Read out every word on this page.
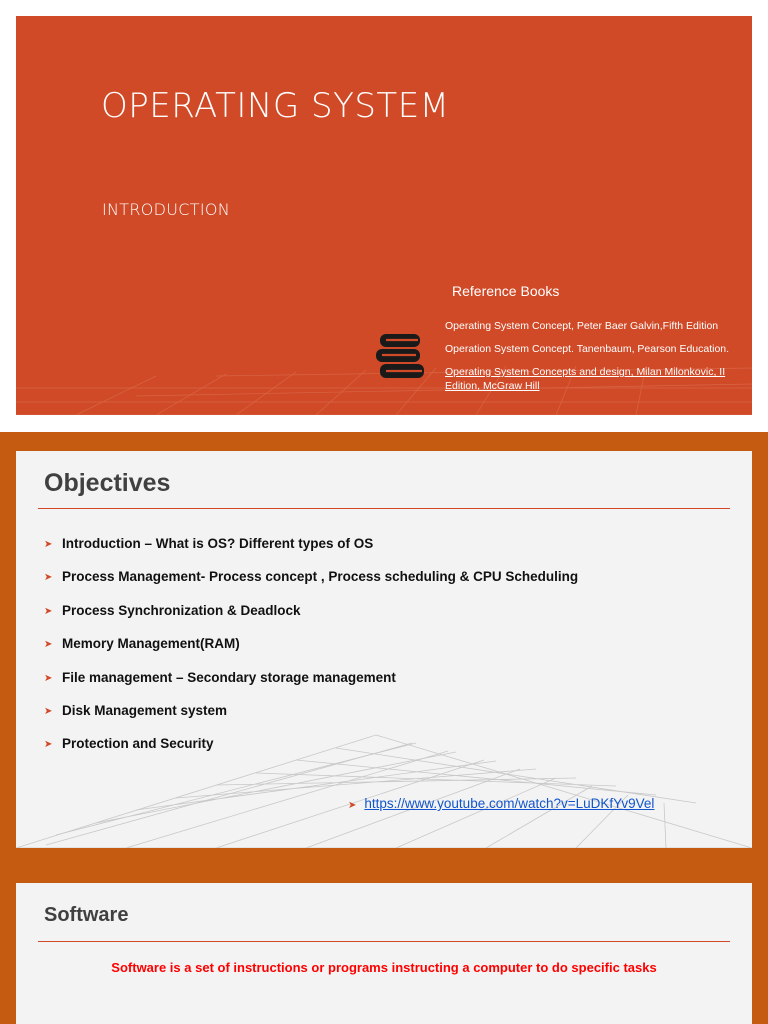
OPERATING SYSTEM
INTRODUCTION
Reference Books
Operating System Concept, Peter Baer Galvin,Fifth Edition
Operation System Concept. Tanenbaum, Pearson Education.
Operating System Concepts and design, Milan Milonkovic, II Edition, McGraw Hill
Objectives
➤ Introduction – What is OS? Different types of OS
➤ Process Management- Process concept , Process scheduling & CPU Scheduling
➤ Process Synchronization & Deadlock
➤ Memory Management(RAM)
➤ File management – Secondary storage management
➤ Disk Management system
➤ Protection and Security
➤ https://www.youtube.com/watch?v=LuDKfYv9Vel
Software
Software is a set of instructions or programs instructing a computer to do specific tasks
